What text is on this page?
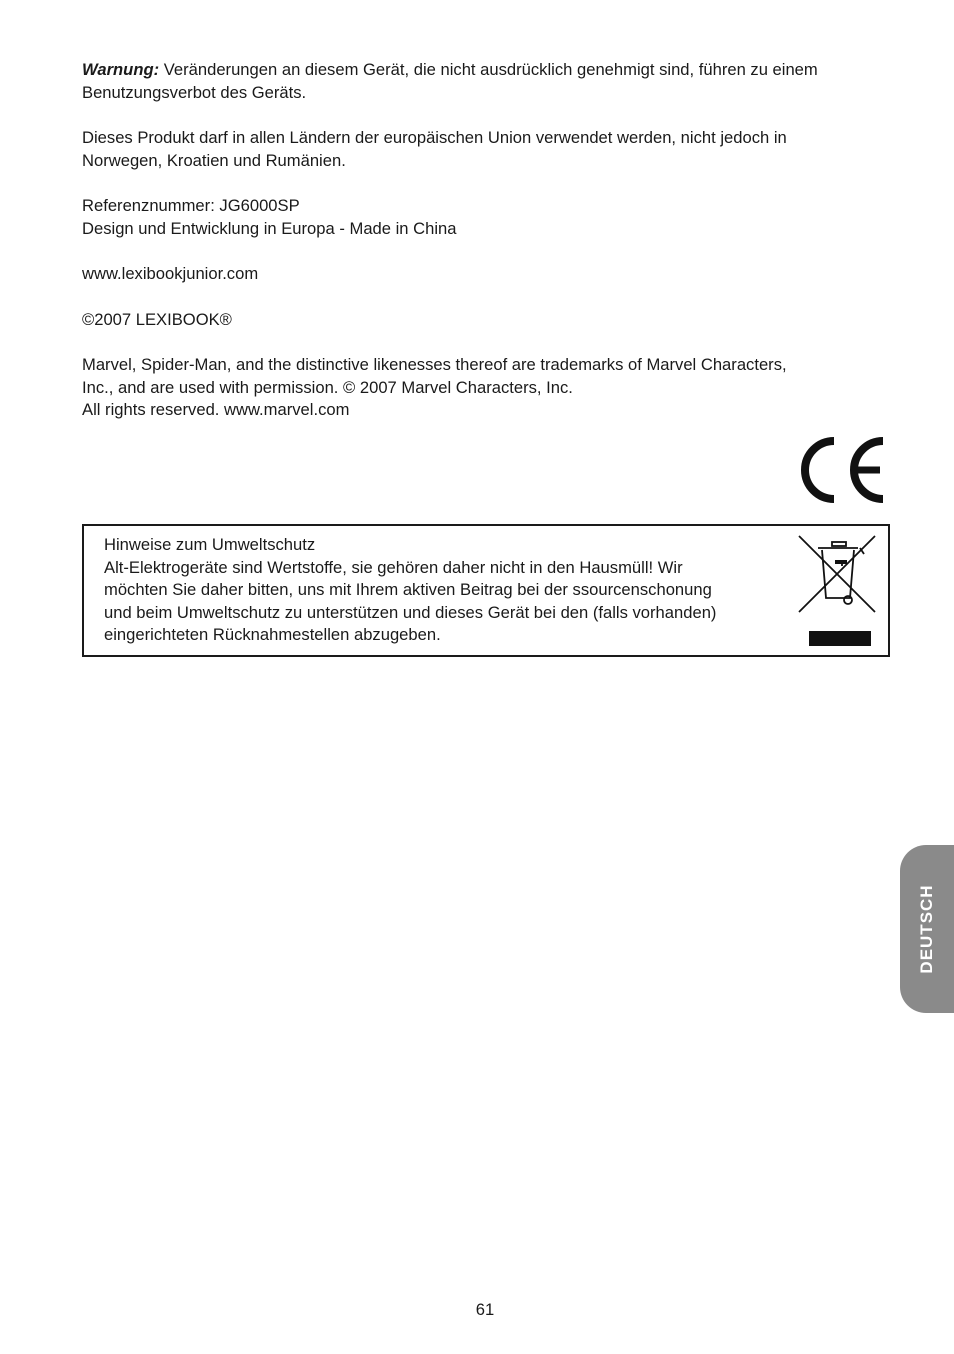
Warnung: Veränderungen an diesem Gerät, die nicht ausdrücklich genehmigt sind, führen zu einem
Benutzungsverbot des Geräts.

Dieses Produkt darf in allen Ländern der europäischen Union verwendet werden, nicht jedoch in
Norwegen, Kroatien und Rumänien.

Referenznummer: JG6000SP
Design und Entwicklung in Europa - Made in China

www.lexibookjunior.com

©2007 LEXIBOOK®

Marvel, Spider-Man, and the distinctive likenesses thereof are trademarks of Marvel Characters,
Inc., and are used with permission. © 2007 Marvel Characters, Inc.
All rights reserved. www.marvel.com

Hinweise zum Umweltschutz
Alt-Elektrogeräte sind Wertstoffe, sie gehören daher nicht in den Hausmüll! Wir
möchten Sie daher bitten, uns mit Ihrem aktiven Beitrag bei der ssourcenschonung
und beim Umweltschutz zu unterstützen und dieses Gerät bei den (falls vorhanden)
eingerichteten Rücknahmestellen abzugeben.
DEUTSCH
61
